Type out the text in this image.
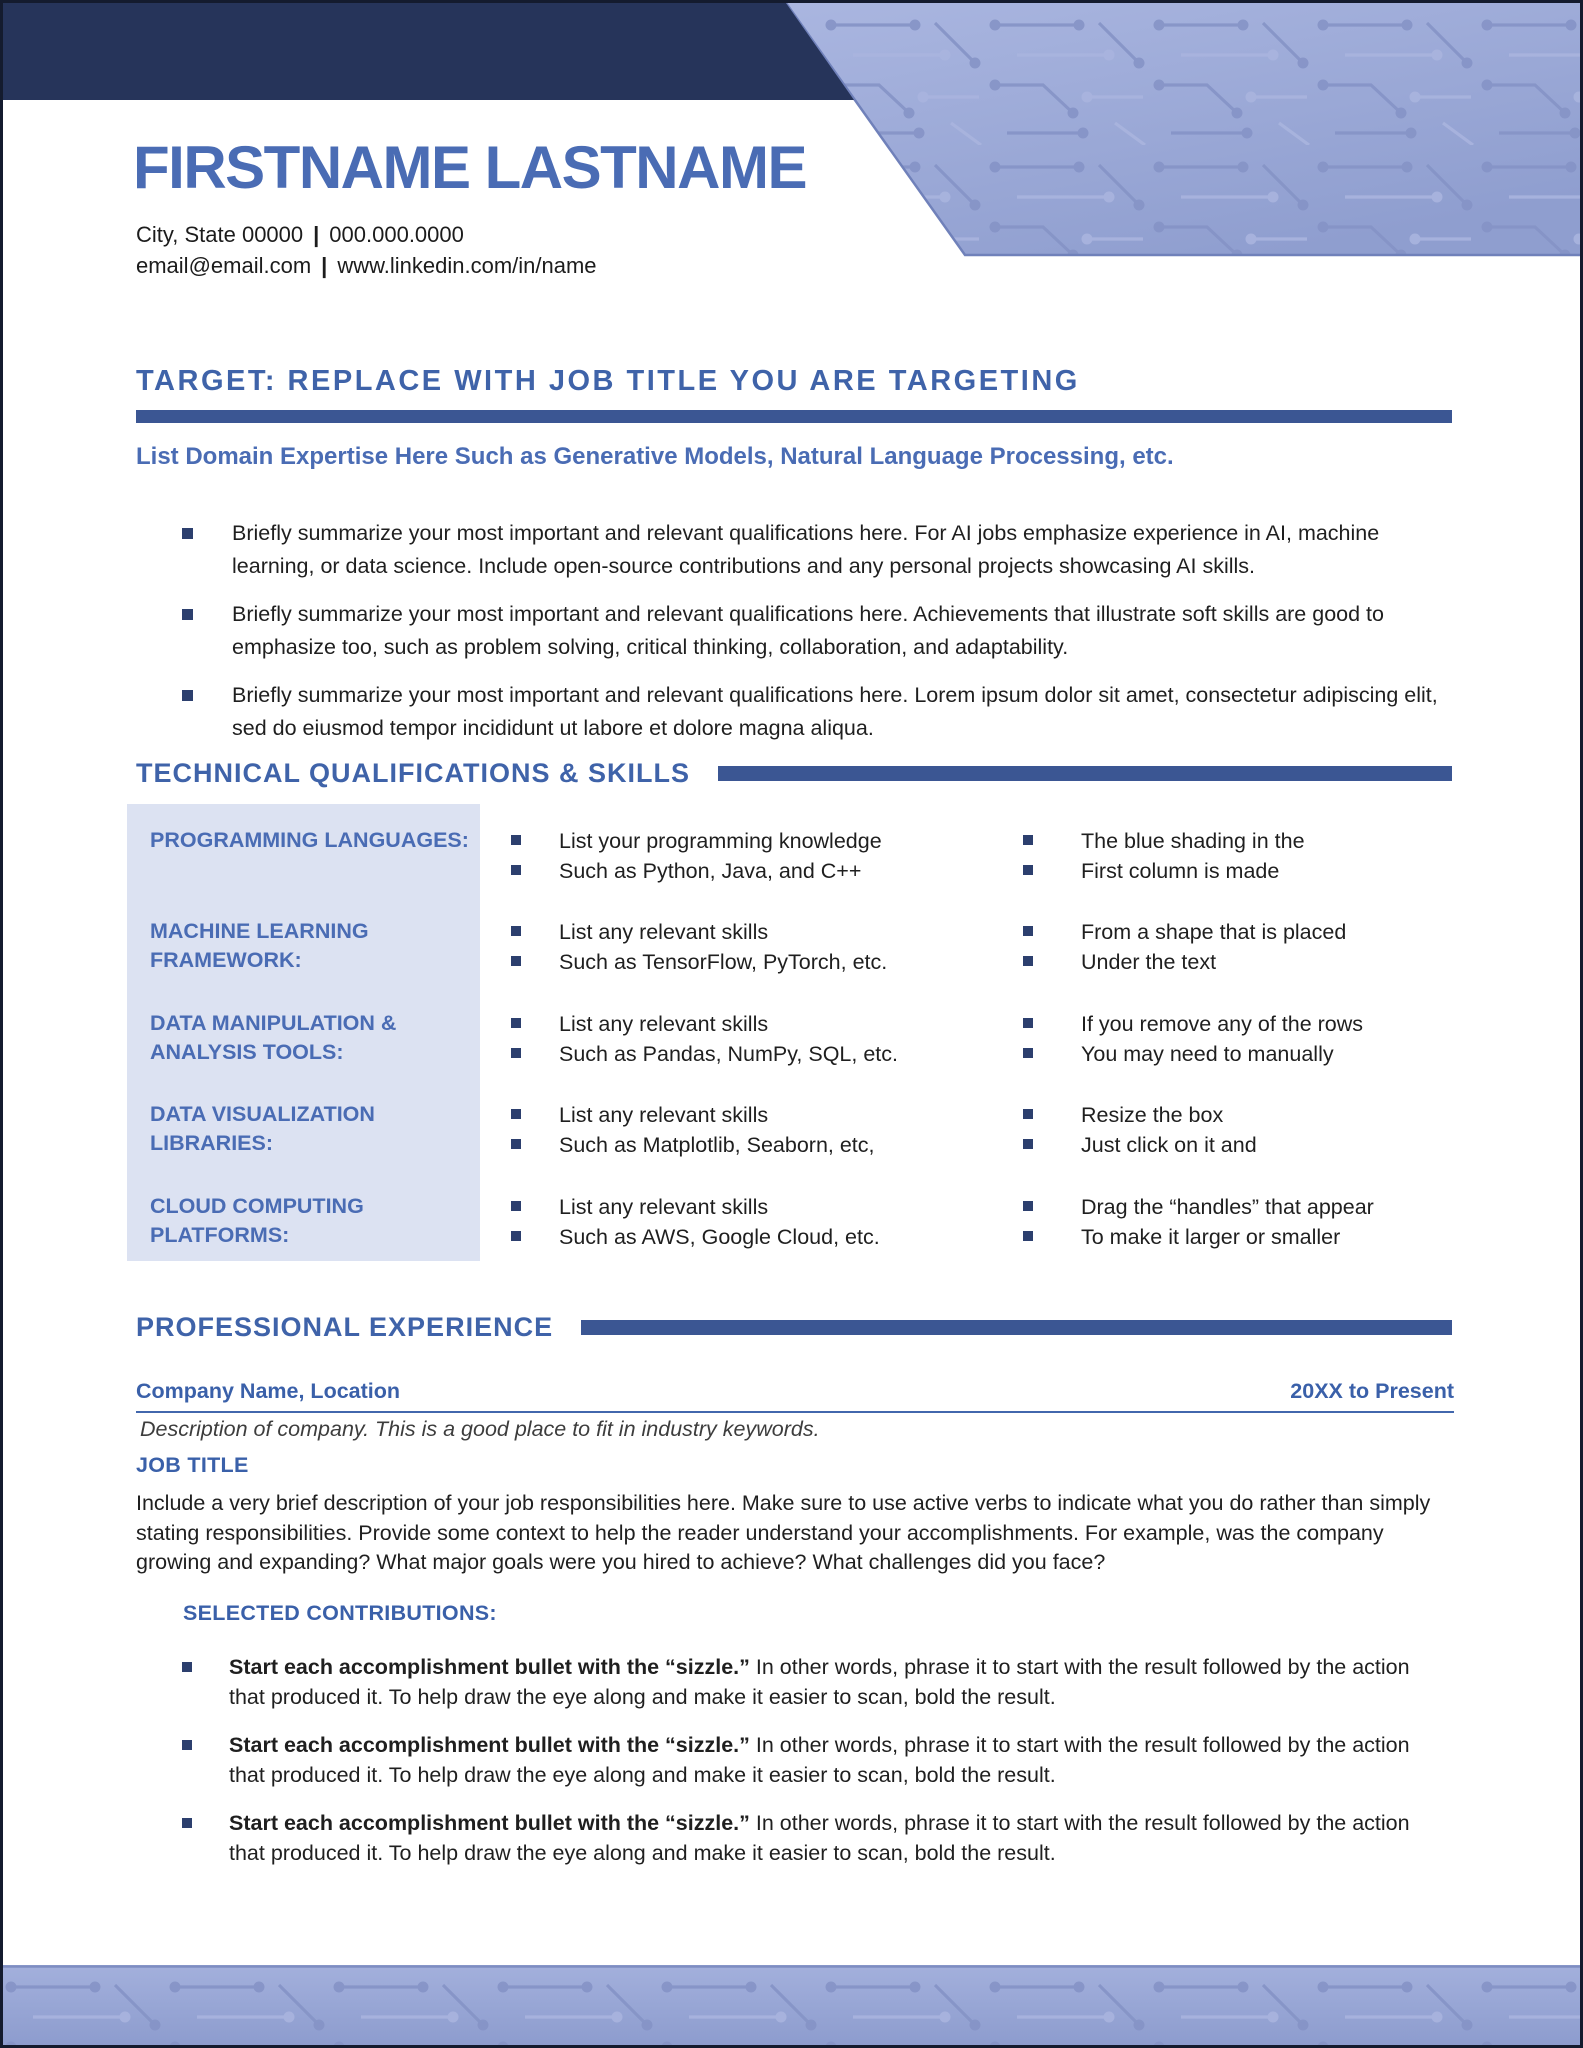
FIRSTNAME LASTNAME
City, State 00000 | 000.000.0000
email@email.com | www.linkedin.com/in/name
TARGET: REPLACE WITH JOB TITLE YOU ARE TARGETING
List Domain Expertise Here Such as Generative Models, Natural Language Processing, etc.
Briefly summarize your most important and relevant qualifications here. For AI jobs emphasize experience in AI, machine learning, or data science. Include open-source contributions and any personal projects showcasing AI skills.
Briefly summarize your most important and relevant qualifications here. Achievements that illustrate soft skills are good to emphasize too, such as problem solving, critical thinking, collaboration, and adaptability.
Briefly summarize your most important and relevant qualifications here. Lorem ipsum dolor sit amet, consectetur adipiscing elit, sed do eiusmod tempor incididunt ut labore et dolore magna aliqua.
TECHNICAL QUALIFICATIONS & SKILLS
PROGRAMMING LANGUAGES:	List your programming knowledge
Such as Python, Java, and C++
The blue shading in the
First column is made
MACHINE LEARNING FRAMEWORK:
List any relevant skills
Such as TensorFlow, PyTorch, etc.
From a shape that is placed
Under the text
DATA MANIPULATION & ANALYSIS TOOLS:
List any relevant skills
Such as Pandas, NumPy, SQL, etc.
If you remove any of the rows
You may need to manually
DATA VISUALIZATION LIBRARIES:
List any relevant skills
Such as Matplotlib, Seaborn, etc,
Resize the box
Just click on it and
CLOUD COMPUTING PLATFORMS:
List any relevant skills
Such as AWS, Google Cloud, etc.
Drag the “handles” that appear
To make it larger or smaller
PROFESSIONAL EXPERIENCE
Company Name, Location	20XX to Present
Description of company. This is a good place to fit in industry keywords.
JOB TITLE
Include a very brief description of your job responsibilities here. Make sure to use active verbs to indicate what you do rather than simply stating responsibilities. Provide some context to help the reader understand your accomplishments. For example, was the company growing and expanding? What major goals were you hired to achieve? What challenges did you face?
SELECTED CONTRIBUTIONS:
Start each accomplishment bullet with the “sizzle.” In other words, phrase it to start with the result followed by the action that produced it. To help draw the eye along and make it easier to scan, bold the result.
Start each accomplishment bullet with the “sizzle.” In other words, phrase it to start with the result followed by the action that produced it. To help draw the eye along and make it easier to scan, bold the result.
Start each accomplishment bullet with the “sizzle.” In other words, phrase it to start with the result followed by the action that produced it. To help draw the eye along and make it easier to scan, bold the result.
